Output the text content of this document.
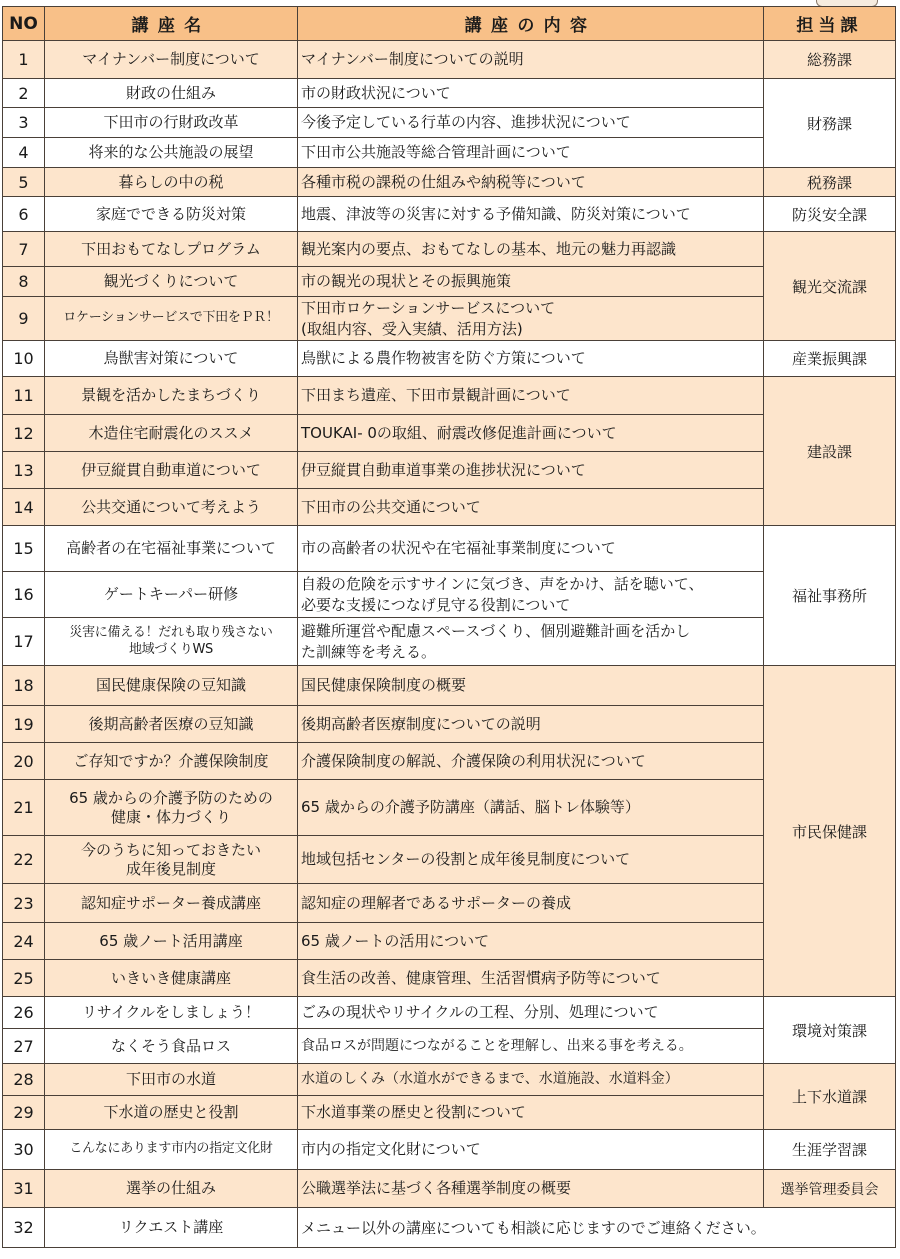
NO	講座名	講座の内容	担当課
1	マイナンバー制度について	マイナンバー制度についての説明	総務課
2	財政の仕組み	市の財政状況について	財務課
3	下田市の行財政改革	今後予定している行革の内容、進捗状況について	
4	将来的な公共施設の展望	下田市公共施設等総合管理計画について	
5	暮らしの中の税	各種市税の課税の仕組みや納税等について	税務課
6	家庭でできる防災対策	地震、津波等の災害に対する予備知識、防災対策について	防災安全課
7	下田おもてなしプログラム	観光案内の要点、おもてなしの基本、地元の魅力再認識	観光交流課
8	観光づくりについて	市の観光の現状とその振興施策	
9	ロケーションサービスで下田をＰＲ！	下田市ロケーションサービスについて
(取組内容、受入実績、活用方法)	
10	鳥獣害対策について	鳥獣による農作物被害を防ぐ方策について	産業振興課
11	景観を活かしたまちづくり	下田まち遺産、下田市景観計画について	建設課
12	木造住宅耐震化のススメ	TOUKAI- 0の取組、耐震改修促進計画について	
13	伊豆縦貫自動車道について	伊豆縦貫自動車道事業の進捗状況について	
14	公共交通について考えよう	下田市の公共交通について	
15	高齢者の在宅福祉事業について	市の高齢者の状況や在宅福祉事業制度について	福祉事務所
16	ゲートキーパー研修	自殺の危険を示すサインに気づき、声をかけ、話を聴いて、
必要な支援につなげ見守る役割について	
17	災害に備える！だれも取り残さない
地域づくりWS	避難所運営や配慮スペースづくり、個別避難計画を活かし
た訓練等を考える。	
18	国民健康保険の豆知識	国民健康保険制度の概要	市民保健課
19	後期高齢者医療の豆知識	後期高齢者医療制度についての説明	
20	ご存知ですか？介護保険制度	介護保険制度の解説、介護保険の利用状況について	
21	65 歳からの介護予防のための
健康・体力づくり	65 歳からの介護予防講座（講話、脳トレ体験等）	
22	今のうちに知っておきたい
成年後見制度	地域包括センターの役割と成年後見制度について	
23	認知症サポーター養成講座	認知症の理解者であるサポーターの養成	
24	65 歳ノート活用講座	65 歳ノートの活用について	
25	いきいき健康講座	食生活の改善、健康管理、生活習慣病予防等について	
26	リサイクルをしましょう！	ごみの現状やリサイクルの工程、分別、処理について	環境対策課
27	なくそう食品ロス	食品ロスが問題につながることを理解し、出来る事を考える。	
28	下田市の水道	水道のしくみ（水道水ができるまで、水道施設、水道料金）	上下水道課
29	下水道の歴史と役割	下水道事業の歴史と役割について	
30	こんなにあります市内の指定文化財	市内の指定文化財について	生涯学習課
31	選挙の仕組み	公職選挙法に基づく各種選挙制度の概要	選挙管理委員会
32	リクエスト講座	メニュー以外の講座についても相談に応じますのでご連絡ください。	
